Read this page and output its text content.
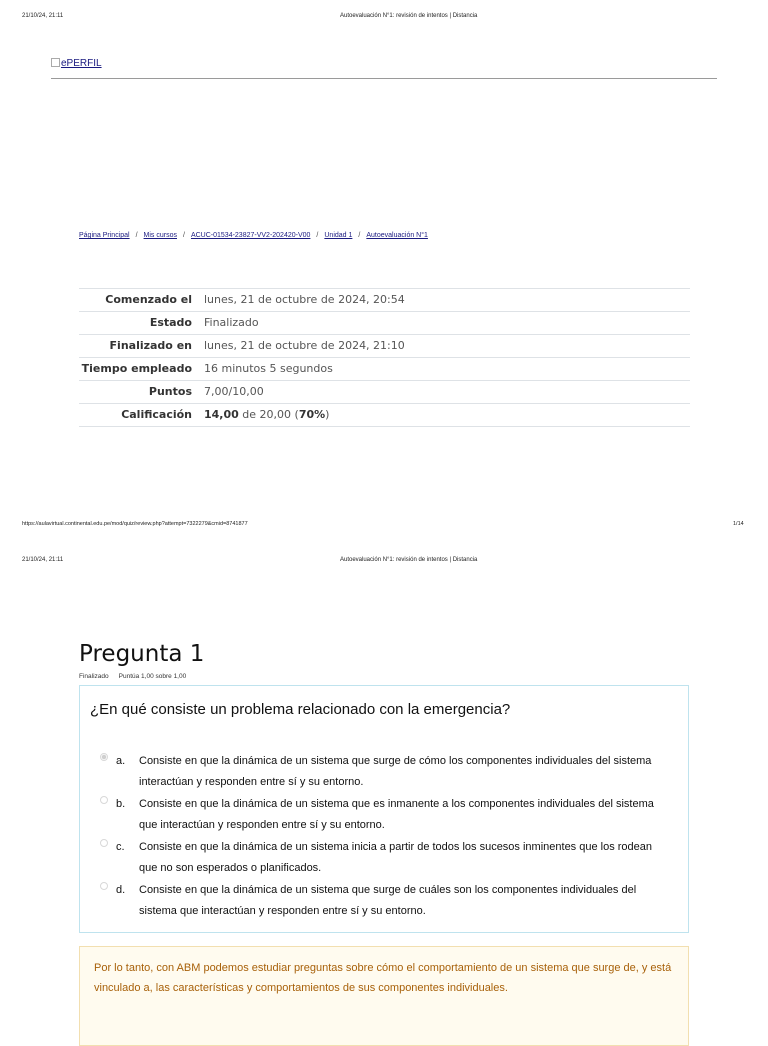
21/10/24, 21:11	Autoevaluación N°1: revisión de intentos | Distancia
ePERFIL
Página Principal / Mis cursos / ACUC-01534-23827-VV2-202420-V00 / Unidad 1 / Autoevaluación N°1
Comenzado el	lunes, 21 de octubre de 2024, 20:54
Estado	Finalizado
Finalizado en	lunes, 21 de octubre de 2024, 21:10
Tiempo empleado	16 minutos 5 segundos
Puntos	7,00/10,00
Calificación	14,00 de 20,00 (70%)
https://aulavirtual.continental.edu.pe/mod/quiz/review.php?attempt=7322279&cmid=8741877	1/14
21/10/24, 21:11	Autoevaluación N°1: revisión de intentos | Distancia
Pregunta 1
Finalizado Puntúa 1,00 sobre 1,00
¿En qué consiste un problema relacionado con la emergencia?
a. Consiste en que la dinámica de un sistema que surge de cómo los componentes individuales del sistema interactúan y responden entre sí y su entorno.
b. Consiste en que la dinámica de un sistema que es inmanente a los componentes individuales del sistema que interactúan y responden entre sí y su entorno.
c. Consiste en que la dinámica de un sistema inicia a partir de todos los sucesos inminentes que los rodean que no son esperados o planificados.
d. Consiste en que la dinámica de un sistema que surge de cuáles son los componentes individuales del sistema que interactúan y responden entre sí y su entorno.

Por lo tanto, con ABM podemos estudiar preguntas sobre cómo el comportamiento de un sistema que surge de, y está vinculado a, las características y comportamientos de sus componentes individuales.
